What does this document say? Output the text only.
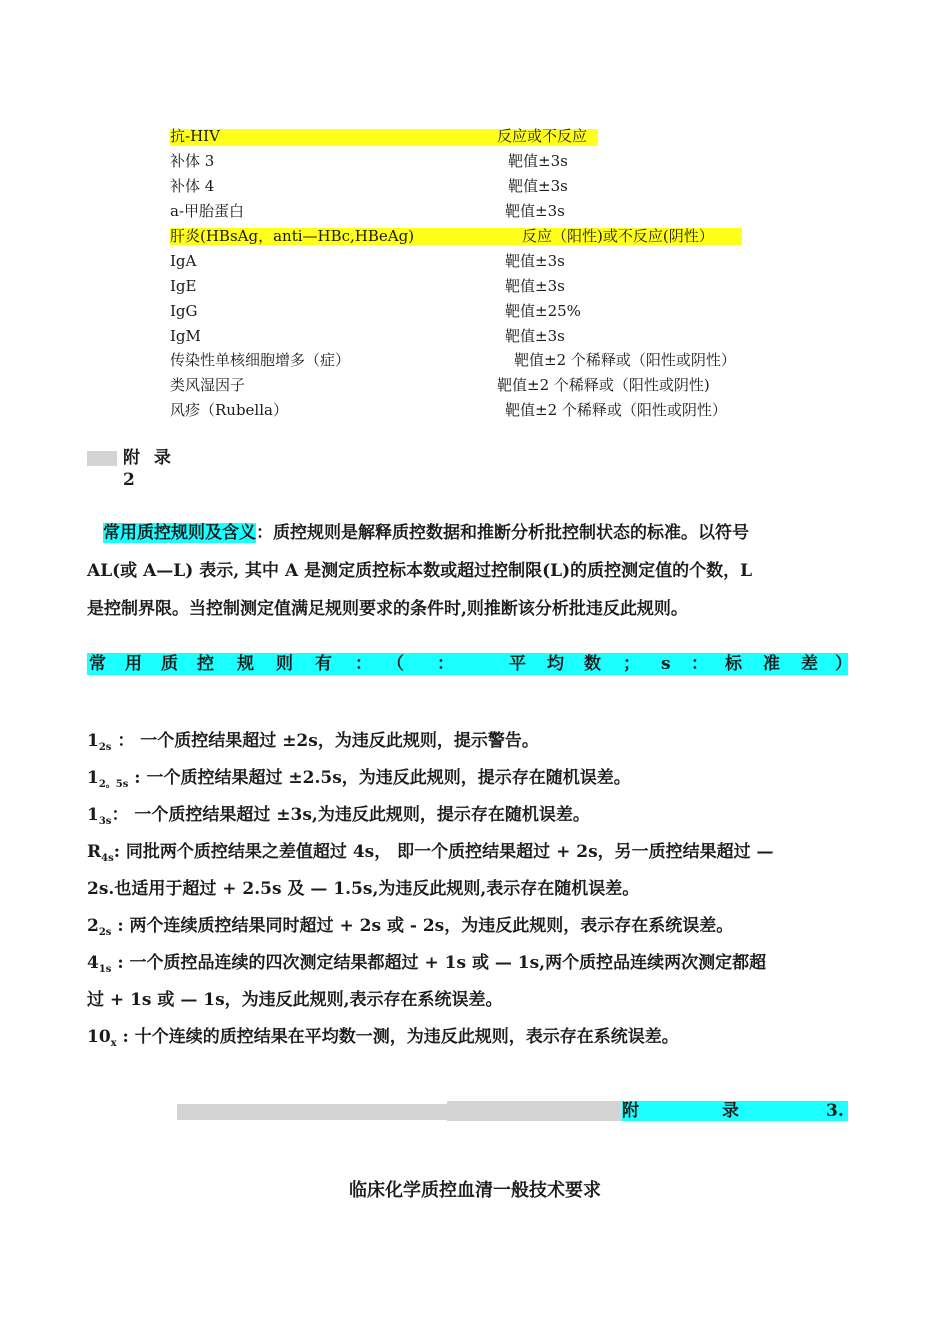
抗-HIV	反应或不反应
补体 3	靶值±3s
补体 4	靶值±3s
a-甲胎蛋白	靶值±3s
肝炎(HBsAg，anti—HBc,HBeAg)	反应（阳性)或不反应(阴性）
IgA	靶值±3s
IgE	靶值±3s
IgG	靶值±25%
IgM	靶值±3s
传染性单核细胞增多（症）	靶值±2 个稀释或（阳性或阴性）
类风湿因子	靶值±2 个稀释或（阳性或阴性)
风疹（Rubella）	靶值±2 个稀释或（阳性或阴性）
附 录2
常用质控规则及含义：质控规则是解释质控数据和推断分析批控制状态的标准。以符号
AL(或 A—L) 表示, 其中 A 是测定质控标本数或超过控制限(L)的质控测定值的个数，L
是控制界限。当控制测定值满足规则要求的条件时,则推断该分析批违反此规则。
常 用 质 控 规 则 有 ： （ ：	平 均 数 ； s ： 标 准 差 ）
$1_{2s}$ ： 一个质控结果超过 ±2s，为违反此规则，提示警告。
$1_{2。5s}$ : 一个质控结果超过 ±2.5s，为违反此规则，提示存在随机误差。
$1_{3s}$： 一个质控结果超过 ±3s,为违反此规则，提示存在随机误差。
$R_{4s}$: 同批两个质控结果之差值超过 4s， 即一个质控结果超过 + 2s，另一质控结果超过 —
2s.也适用于超过 + 2.5s 及 — 1.5s,为违反此规则,表示存在随机误差。
$2_{2s}$ : 两个连续质控结果同时超过 + 2s 或 - 2s，为违反此规则，表示存在系统误差。
$4_{1s}$ : 一个质控品连续的四次测定结果都超过 + 1s 或 — 1s,两个质控品连续两次测定都超
过 + 1s 或 — 1s，为违反此规则,表示存在系统误差。
$10_x$ : 十个连续的质控结果在平均数一测，为违反此规则，表示存在系统误差。
附	录	3.
临床化学质控血清一般技术要求
